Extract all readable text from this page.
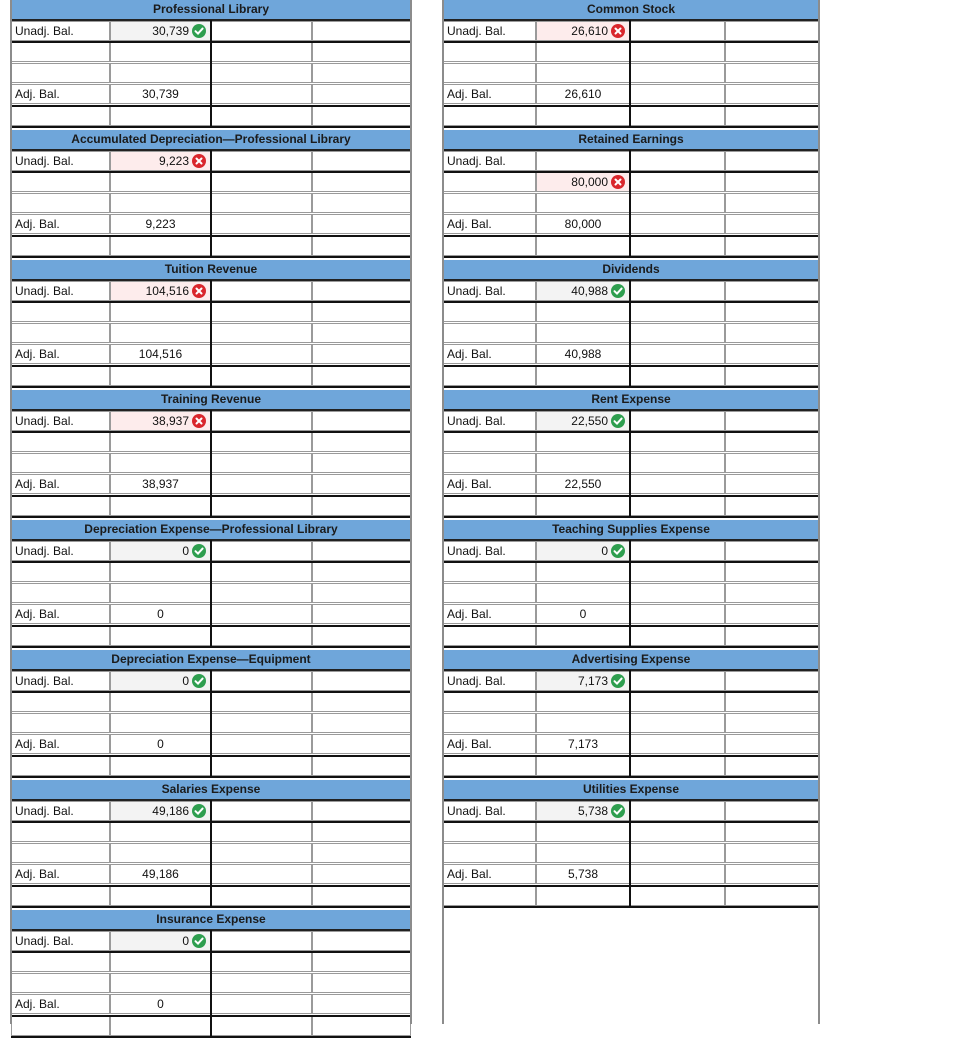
Professional Library
Unadj. Bal.	30,739
Adj. Bal.	30,739
Common Stock
Unadj. Bal.	26,610
Adj. Bal.	26,610
Accumulated Depreciation—Professional Library
Unadj. Bal.	9,223
Adj. Bal.	9,223
Retained Earnings
Unadj. Bal.
80,000
Adj. Bal.	80,000
Tuition Revenue
Unadj. Bal.	104,516
Adj. Bal.	104,516
Dividends
Unadj. Bal.	40,988
Adj. Bal.	40,988
Training Revenue
Unadj. Bal.	38,937
Adj. Bal.	38,937
Rent Expense
Unadj. Bal.	22,550
Adj. Bal.	22,550
Depreciation Expense—Professional Library
Unadj. Bal.	0
Adj. Bal.	0
Teaching Supplies Expense
Unadj. Bal.	0
Adj. Bal.	0
Depreciation Expense—Equipment
Unadj. Bal.	0
Adj. Bal.	0
Advertising Expense
Unadj. Bal.	7,173
Adj. Bal.	7,173
Salaries Expense
Unadj. Bal.	49,186
Adj. Bal.	49,186
Utilities Expense
Unadj. Bal.	5,738
Adj. Bal.	5,738
Insurance Expense
Unadj. Bal.	0
Adj. Bal.	0
